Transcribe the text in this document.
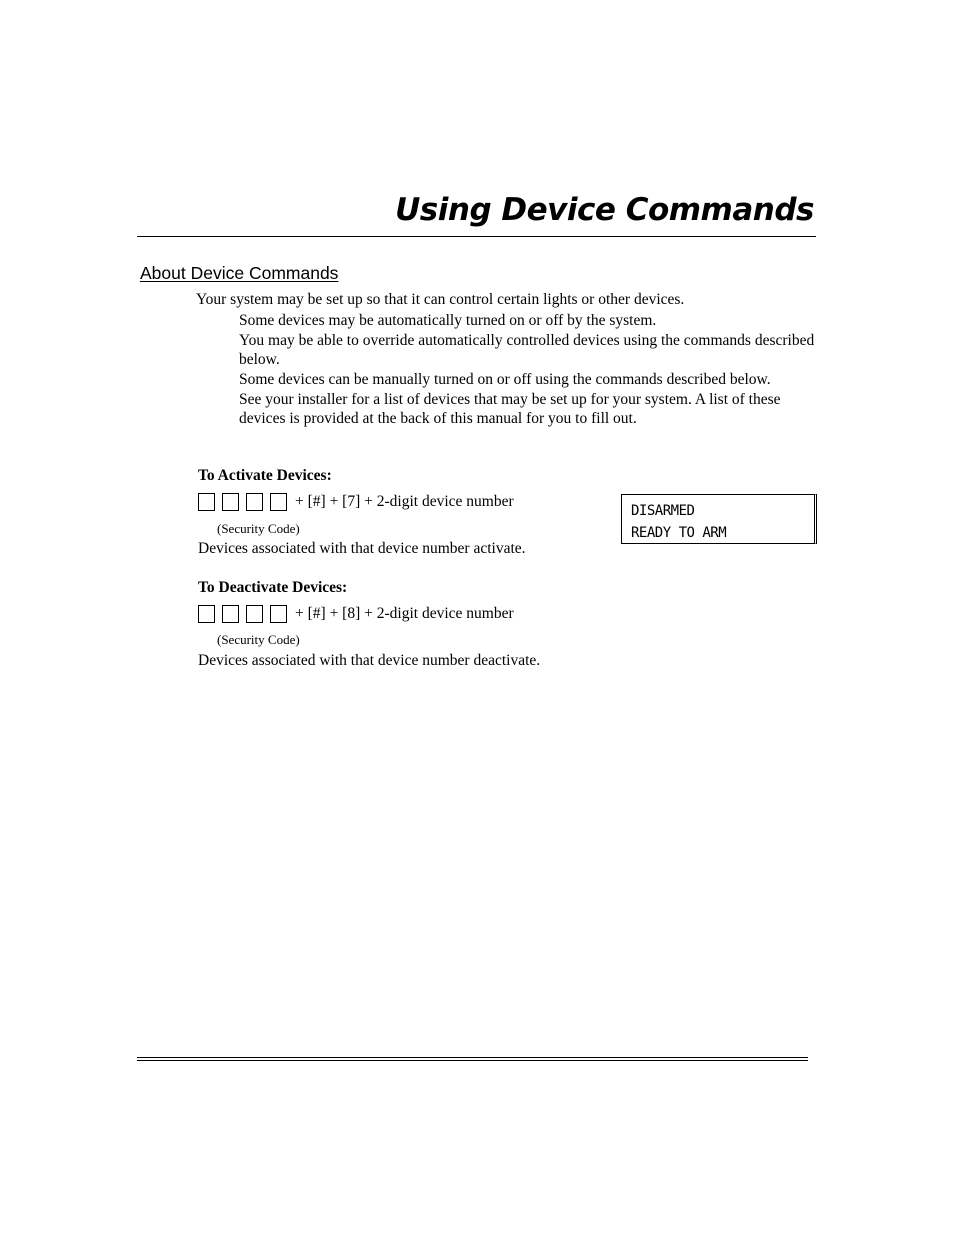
Using Device Commands
About Device Commands
Your system may be set up so that it can control certain lights or other devices.
Some devices may be automatically turned on or off by the system.
You may be able to override automatically controlled devices using the commands described below.
Some devices can be manually turned on or off using the commands described below.
See your installer for a list of devices that may be set up for your system. A list of these devices is provided at the back of this manual for you to fill out.
To Activate Devices:
+ [#] + [7] + 2-digit device number
(Security Code)
Devices associated with that device number activate.
DISARMED
READY TO ARM
To Deactivate Devices:
+ [#] + [8] + 2-digit device number
(Security Code)
Devices associated with that device number deactivate.
